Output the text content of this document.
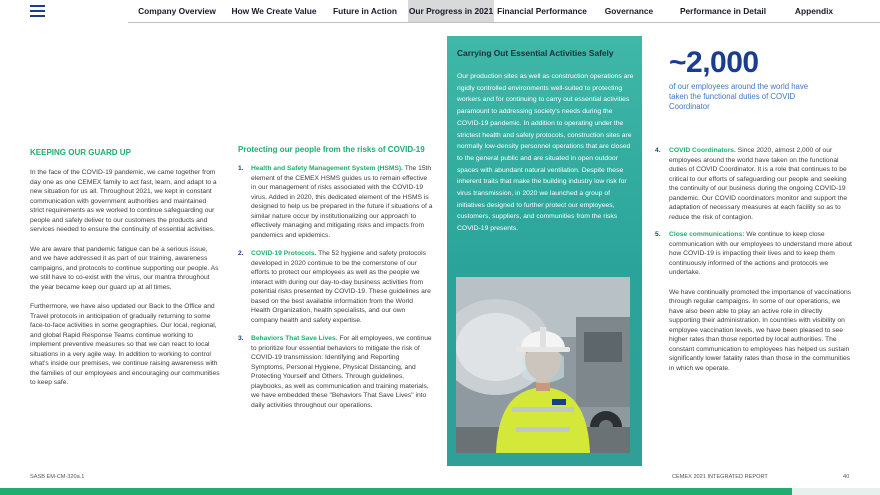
Company Overview	How We Create Value	Future in Action	Our Progress in 2021 Financial Performance	Governance	Performance in Detail	Appendix
KEEPING OUR GUARD UP

In the face of the COVID-19 pandemic, we came together from day one as one CEMEX family to act fast, learn, and adapt to a new situation for us all. Throughout 2021, we kept in constant communication with government authorities and maintained strict requirements as we worked to continue safeguarding our people and safely deliver to our customers the products and services needed to ensure the continuity of essential activities.

We are aware that pandemic fatigue can be a serious issue, and we have addressed it as part of our training, awareness campaigns, and protocols to continue supporting our people. As we still have to co-exist with the virus, our mantra throughout the year became keep our guard up at all times.

Furthermore, we have also updated our Back to the Office and Travel protocols in anticipation of gradually returning to some face-to-face activities in some geographies. Our local, regional, and global Rapid Response Teams continue working to implement preventive measures so that we can react to local situations in a very agile way. In addition to working to control what's inside our premises, we continue raising awareness with the families of our employees and encouraging our communities to keep safe.

Protecting our people from the risks of COVID-19
1. Health and Safety Management System (HSMS). The 15th element of the CEMEX HSMS guides us to remain effective in our management of risks associated with the COVID-19 virus. Added in 2020, this dedicated element of the HSMS is designed to help us be prepared in the future if situations of a similar nature occur by institutionalizing our approach to effectively managing and mitigating risks and impacts from pandemics and epidemics.
2. COVID-19 Protocols. The 52 hygiene and safety protocols developed in 2020 continue to be the cornerstone of our efforts to protect our employees as well as the people we interact with during our day-to-day business activities from potential risks presented by COVID-19. These guidelines are based on the best available information from the World Health Organization, health specialists, and our own company health and safety expertise.
3. Behaviors That Save Lives. For all employees, we continue to prioritize four essential behaviors to mitigate the risk of COVID-19 transmission: Identifying and Reporting Symptoms, Personal Hygiene, Physical Distancing, and Protecting Yourself and Others. Through guidelines, playbooks, as well as communication and training materials, we have embedded these "Behaviors That Save Lives" into daily activities throughout our operations.
Carrying Out Essential Activities Safely

Our production sites as well as construction operations are rigidly controlled environments well-suited to protecting workers and for continuing to carry out essential activities paramount to addressing society's needs during the COVID-19 pandemic. In addition to operating under the strictest health and safety protocols, construction sites are normally low-density personnel operations that are closed to the general public and are situated in open outdoor spaces with abundant natural ventilation. Despite these inherent traits that make the building industry low risk for virus transmission, in 2020 we launched a group of initiatives designed to further protect our employees, customers, suppliers, and communities from the risks COVID-19 presents.

~2,000
of our employees around the world have taken the functional duties of COVID Coordinator
4. COVID Coordinators. Since 2020, almost 2,000 of our employees around the world have taken on the functional duties of COVID Coordinator. It is a role that continues to be critical to our efforts of safeguarding our people and seeking the continuity of our business during the ongoing COVID-19 pandemic. Our COVID coordinators monitor and support the adaptation of necessary measures at each facility so as to reduce the risk of contagion.
5. Close communications: We continue to keep close communication with our employees to understand more about how COVID-19 is impacting their lives and to keep them continuously informed of the actions and protocols we undertake.

We have continually promoted the importance of vaccinations through regular campaigns. In some of our operations, we have also been able to play an active role in directly supporting their administration. In countries with visibility on employee vaccination levels, we have been pleased to see higher rates than those reported by local authorities. The constant communication to employees has helped us sustain significantly lower fatality rates than those in the communities in which we operate.

SASB EM-CM-320a.1	CEMEX 2021 INTEGRATED REPORT	40
